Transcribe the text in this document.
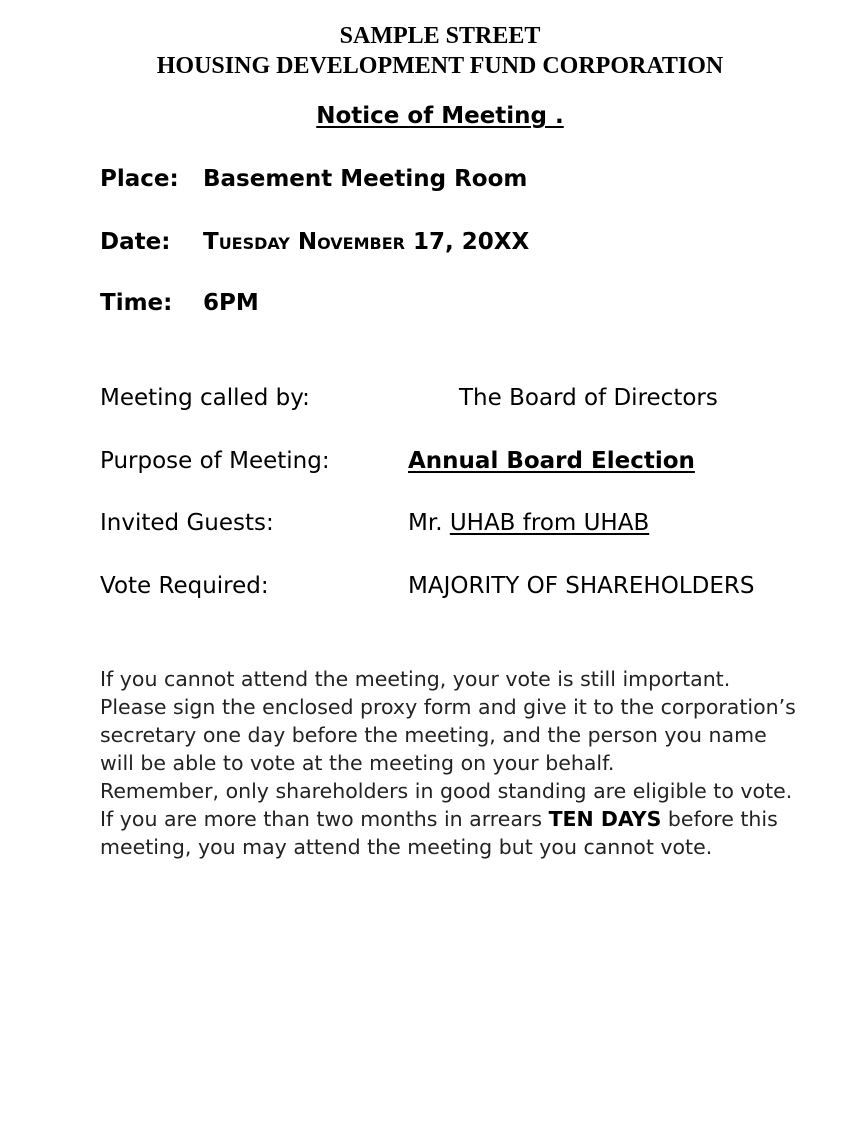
SAMPLE STREET
HOUSING DEVELOPMENT FUND CORPORATION
Notice of Meeting .
Place: Basement Meeting Room
Date: Tuesday November 17, 20XX
Time: 6PM
Meeting called by:	The Board of Directors
Purpose of Meeting:	Annual Board Election
Invited Guests:	Mr. UHAB from UHAB
Vote Required:	MAJORITY OF SHAREHOLDERS

If you cannot attend the meeting, your vote is still important. Please sign the enclosed proxy form and give it to the corporation’s secretary one day before the meeting, and the person you name will be able to vote at the meeting on your behalf.

Remember, only shareholders in good standing are eligible to vote. If you are more than two months in arrears TEN DAYS before this meeting, you may attend the meeting but you cannot vote.
